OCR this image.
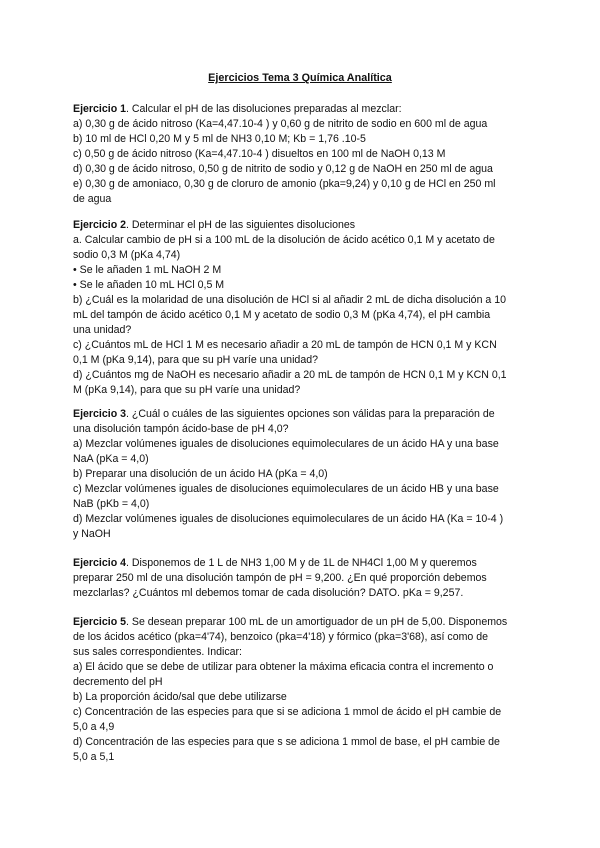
Ejercicios Tema 3 Química Analítica
Ejercicio 1. Calcular el pH de las disoluciones preparadas al mezclar:
a) 0,30 g de ácido nitroso (Ka=4,47.10-4 ) y 0,60 g de nitrito de sodio en 600 ml de agua
b) 10 ml de HCl 0,20 M y 5 ml de NH3 0,10 M; Kb = 1,76 .10-5
c) 0,50 g de ácido nitroso (Ka=4,47.10-4 ) disueltos en 100 ml de NaOH 0,13 M
d) 0,30 g de ácido nitroso, 0,50 g de nitrito de sodio y 0,12 g de NaOH en 250 ml de agua
e) 0,30 g de amoniaco, 0,30 g de cloruro de amonio (pka=9,24) y 0,10 g de HCl en 250 ml
de agua
Ejercicio 2. Determinar el pH de las siguientes disoluciones
a. Calcular cambio de pH si a 100 mL de la disolución de ácido acético 0,1 M y acetato de
sodio 0,3 M (pKa 4,74)
• Se le añaden 1 mL NaOH 2 M
• Se le añaden 10 mL HCl 0,5 M
b) ¿Cuál es la molaridad de una disolución de HCl si al añadir 2 mL de dicha disolución a 10
mL del tampón de ácido acético 0,1 M y acetato de sodio 0,3 M (pKa 4,74), el pH cambia
una unidad?
c) ¿Cuántos mL de HCl 1 M es necesario añadir a 20 mL de tampón de HCN 0,1 M y KCN
0,1 M (pKa 9,14), para que su pH varíe una unidad?
d) ¿Cuántos mg de NaOH es necesario añadir a 20 mL de tampón de HCN 0,1 M y KCN 0,1
M (pKa 9,14), para que su pH varíe una unidad?
Ejercicio 3. ¿Cuál o cuáles de las siguientes opciones son válidas para la preparación de
una disolución tampón ácido-base de pH 4,0?
a) Mezclar volúmenes iguales de disoluciones equimoleculares de un ácido HA y una base
NaA (pKa = 4,0)
b) Preparar una disolución de un ácido HA (pKa = 4,0)
c) Mezclar volúmenes iguales de disoluciones equimoleculares de un ácido HB y una base
NaB (pKb = 4,0)
d) Mezclar volúmenes iguales de disoluciones equimoleculares de un ácido HA (Ka = 10-4 )
y NaOH
Ejercicio 4. Disponemos de 1 L de NH3 1,00 M y de 1L de NH4Cl 1,00 M y queremos
preparar 250 ml de una disolución tampón de pH = 9,200. ¿En qué proporción debemos
mezclarlas? ¿Cuántos ml debemos tomar de cada disolución? DATO. pKa = 9,257.
Ejercicio 5. Se desean preparar 100 mL de un amortiguador de un pH de 5,00. Disponemos
de los ácidos acético (pka=4'74), benzoico (pka=4'18) y fórmico (pka=3'68), así como de
sus sales correspondientes. Indicar:
a) El ácido que se debe de utilizar para obtener la máxima eficacia contra el incremento o
decremento del pH
b) La proporción ácido/sal que debe utilizarse
c) Concentración de las especies para que si se adiciona 1 mmol de ácido el pH cambie de
5,0 a 4,9
d) Concentración de las especies para que s se adiciona 1 mmol de base, el pH cambie de
5,0 a 5,1
